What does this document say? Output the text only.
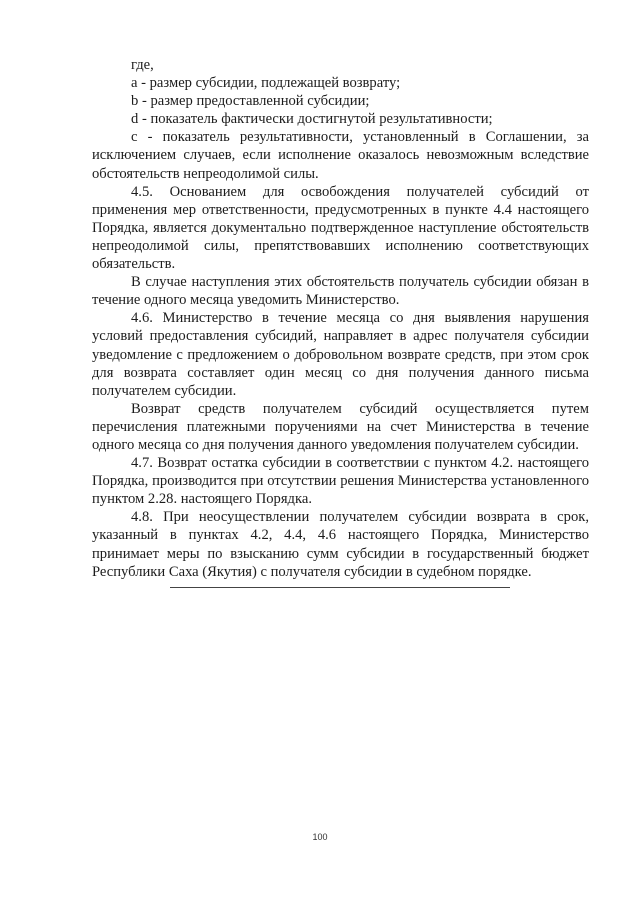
где,

a - размер субсидии, подлежащей возврату;

b - размер предоставленной субсидии;

d - показатель фактически достигнутой результативности;

c - показатель результативности, установленный в Соглашении, за исключением случаев, если исполнение оказалось невозможным вследствие обстоятельств непреодолимой силы.

4.5. Основанием для освобождения получателей субсидий от применения мер ответственности, предусмотренных в пункте 4.4 настоящего Порядка, является документально подтвержденное наступление обстоятельств непреодолимой силы, препятствовавших исполнению соответствующих обязательств.

В случае наступления этих обстоятельств получатель субсидии обязан в течение одного месяца уведомить Министерство.

4.6. Министерство в течение месяца со дня выявления нарушения условий предоставления субсидий, направляет в адрес получателя субсидии уведомление с предложением о добровольном возврате средств, при этом срок для возврата составляет один месяц со дня получения данного письма получателем субсидии.

Возврат средств получателем субсидий осуществляется путем перечисления платежными поручениями на счет Министерства в течение одного месяца со дня получения данного уведомления получателем субсидии.

4.7. Возврат остатка субсидии в соответствии с пунктом 4.2. настоящего Порядка, производится при отсутствии решения Министерства установленного пунктом 2.28. настоящего Порядка.

4.8. При неосуществлении получателем субсидии возврата в срок, указанный в пунктах 4.2, 4.4, 4.6 настоящего Порядка, Министерство принимает меры по взысканию сумм субсидии в государственный бюджет Республики Саха (Якутия) с получателя субсидии в судебном порядке.

100
